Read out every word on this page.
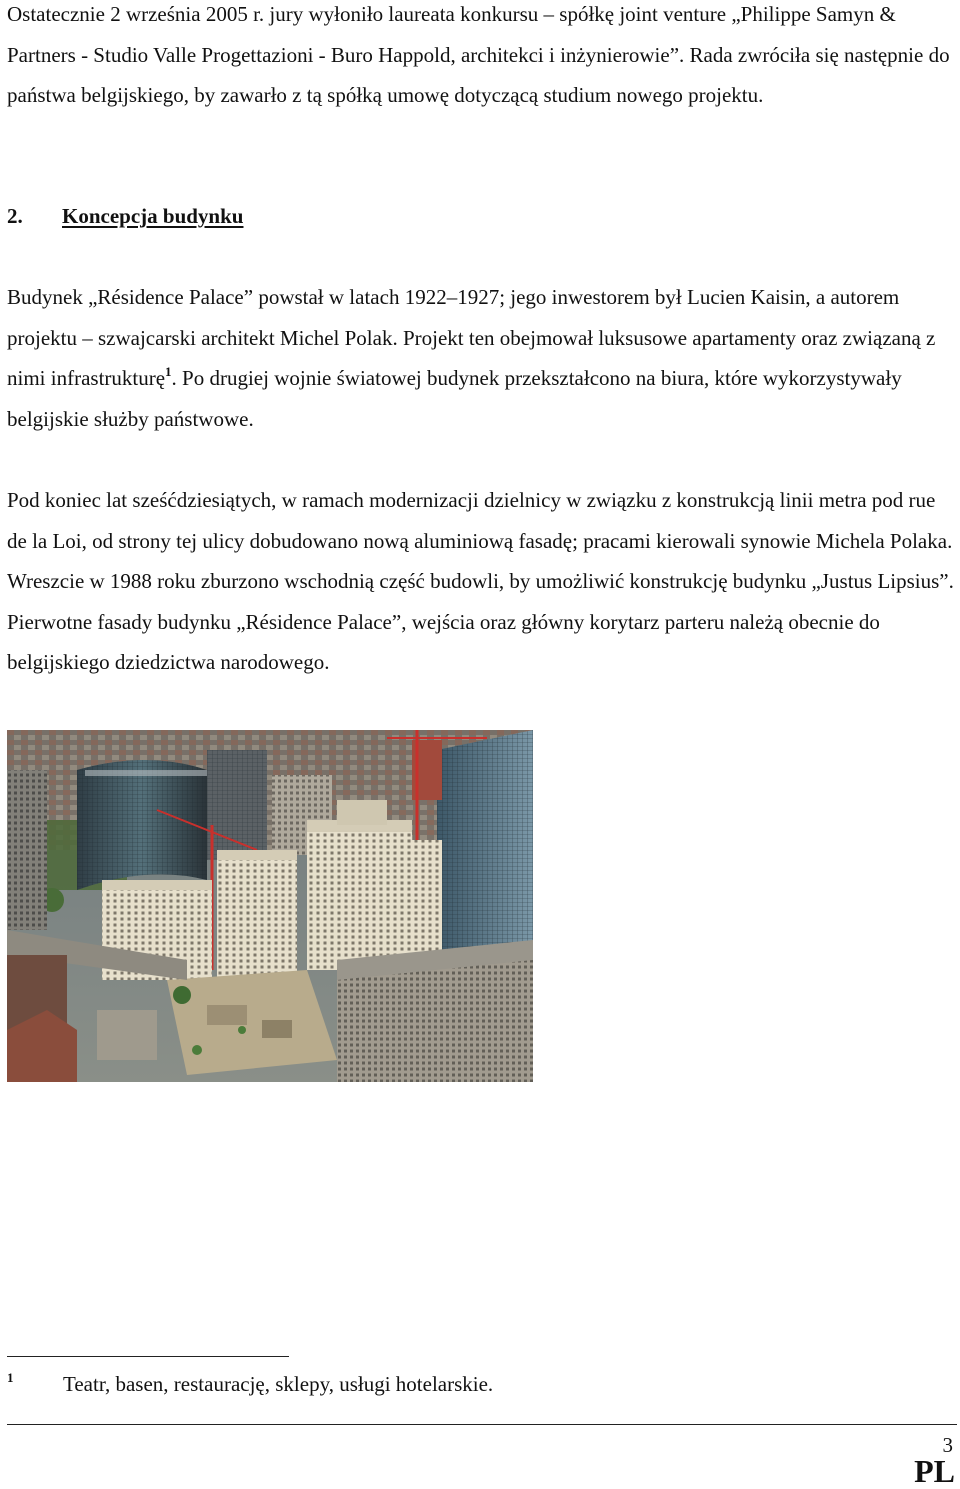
Ostatecznie 2 września 2005 r. jury wyłoniło laureata konkursu – spółkę joint venture „Philippe Samyn & Partners - Studio Valle Progettazioni - Buro Happold, architekci i inżynierowie”. Rada zwróciła się następnie do państwa belgijskiego, by zawarło z tą spółką umowę dotyczącą studium nowego projektu.

2. Koncepcja budynku

Budynek „Résidence Palace” powstał w latach 1922–1927; jego inwestorem był Lucien Kaisin, a autorem projektu – szwajcarski architekt Michel Polak. Projekt ten obejmował luksusowe apartamenty oraz związaną z nimi infrastrukturę$^1$. Po drugiej wojnie światowej budynek przekształcono na biura, które wykorzystywały belgijskie służby państwowe.

Pod koniec lat sześćdziesiątych, w ramach modernizacji dzielnicy w związku z konstrukcją linii metra pod rue de la Loi, od strony tej ulicy dobudowano nową aluminiową fasadę; pracami kierowali synowie Michela Polaka. Wreszcie w 1988 roku zburzono wschodnią część budowli, by umożliwić konstrukcję budynku „Justus Lipsius”. Pierwotne fasady budynku „Résidence Palace”, wejścia oraz główny korytarz parteru należą obecnie do belgijskiego dziedzictwa narodowego.

1 Teatr, basen, restaurację, sklepy, usługi hotelarskie.

3
PL
